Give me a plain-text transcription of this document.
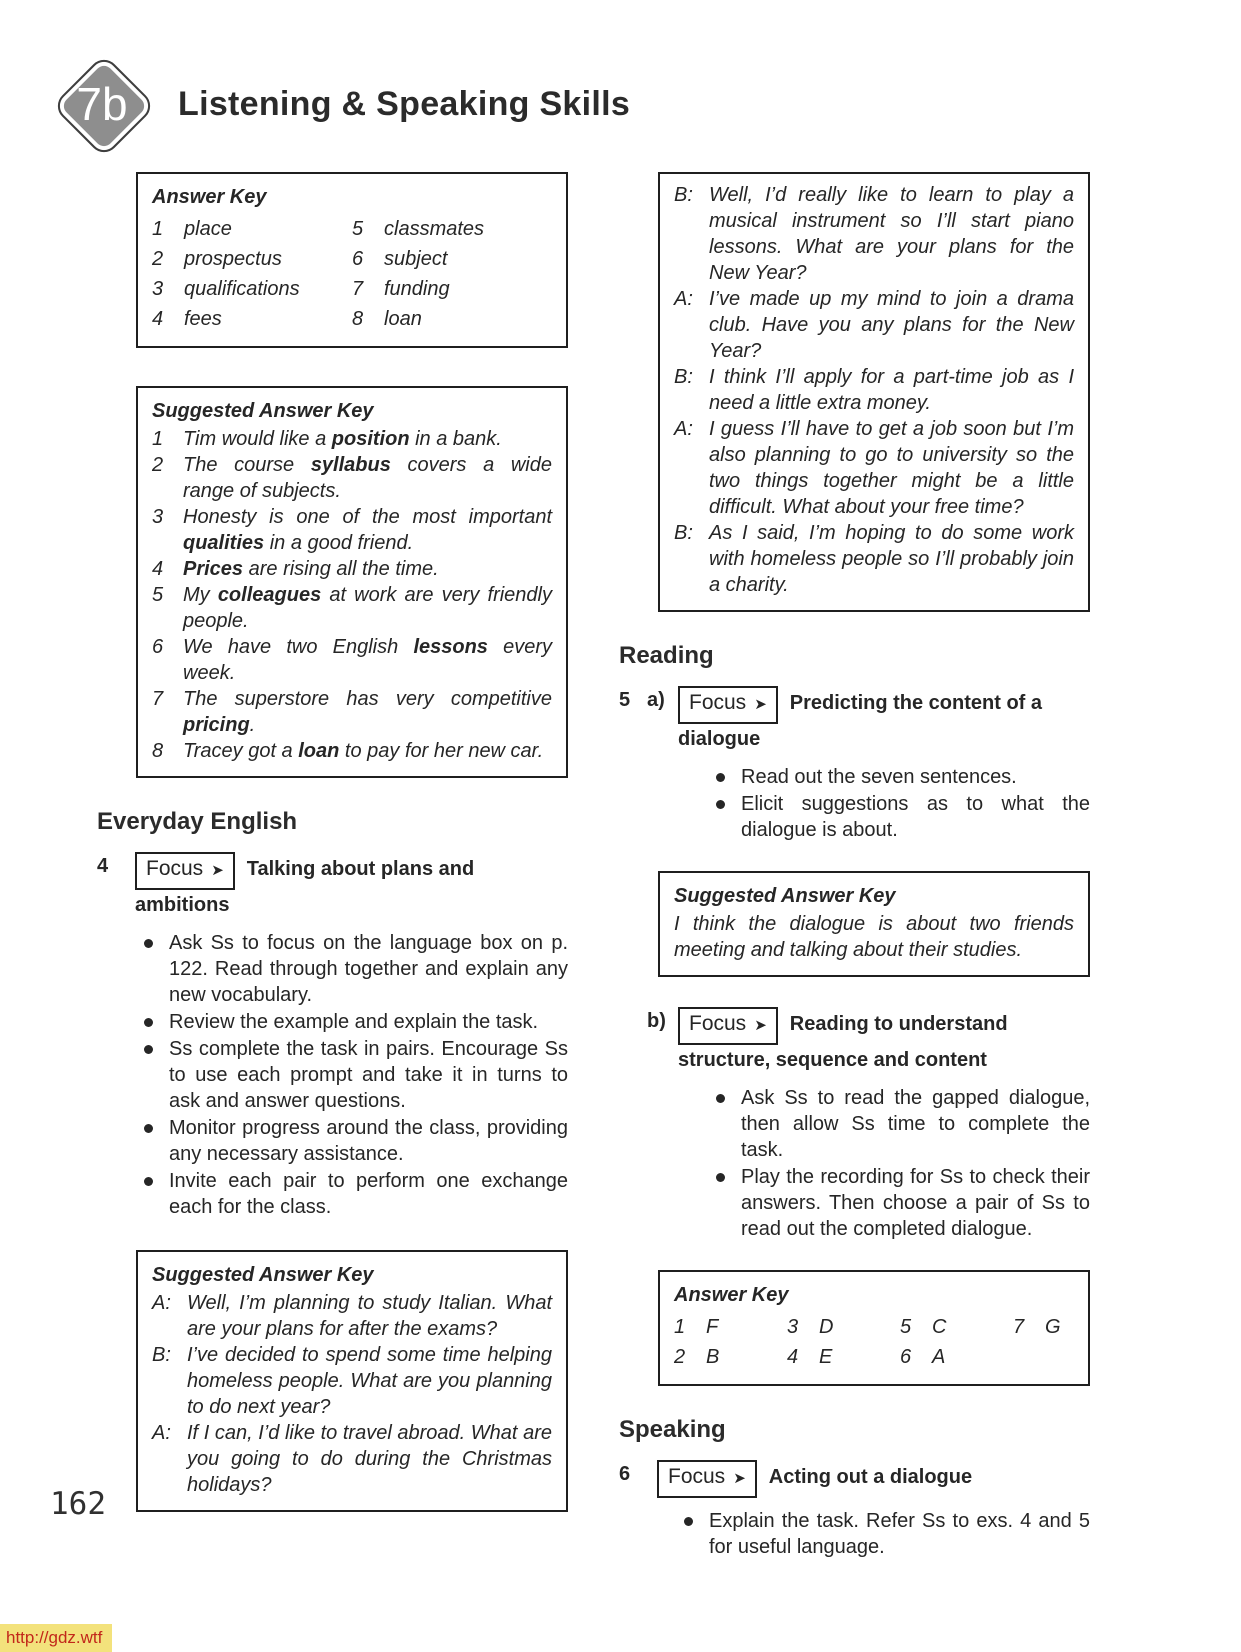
7b	Listening & Speaking Skills
Answer Key
1	place
2	prospectus
3	qualifications
4	fees
5	classmates
6	subject
7	funding
8	loan
Suggested Answer Key
1 Tim would like a position in a bank.
2 The course syllabus covers a wide range of subjects.
3 Honesty is one of the most important qualities in a good friend.
4 Prices are rising all the time.
5 My colleagues at work are very friendly people.
6 We have two English lessons every week.
7 The superstore has very competitive pricing.
8 Tracey got a loan to pay for her new car.
Everyday English
4	Focus ➤ Talking about plans and ambitions
Ask Ss to focus on the language box on p. 122. Read through together and explain any new vocabulary.
Review the example and explain the task.
Ss complete the task in pairs. Encourage Ss to use each prompt and take it in turns to ask and answer questions.
Monitor progress around the class, providing any necessary assistance.
Invite each pair to perform one exchange each for the class.
Suggested Answer Key
A: Well, I’m planning to study Italian. What are your plans for after the exams?
B: I’ve decided to spend some time helping homeless people. What are you planning to do next year?
A: If I can, I’d like to travel abroad. What are you going to do during the Christmas holidays?
B: Well, I’d really like to learn to play a musical instrument so I’ll start piano lessons. What are your plans for the New Year?
A: I’ve made up my mind to join a drama club. Have you any plans for the New Year?
B: I think I’ll apply for a part-time job as I need a little extra money.
A: I guess I’ll have to get a job soon but I’m also planning to go to university so the two things together might be a little difficult. What about your free time?
B: As I said, I’m hoping to do some work with homeless people so I’ll probably join a charity.
Reading
5 a)	Focus ➤ Predicting the content of a dialogue
Read out the seven sentences.
Elicit suggestions as to what the dialogue is about.
Suggested Answer Key
I think the dialogue is about two friends meeting and talking about their studies.
b)	Focus ➤ Reading to understand structure, sequence and content
Ask Ss to read the gapped dialogue, then allow Ss time to complete the task.
Play the recording for Ss to check their answers. Then choose a pair of Ss to read out the completed dialogue.
Answer Key
1	F
2	B
3	D
4	E
5	C
6	A
7	G
Speaking
6	Focus ➤ Acting out a dialogue
Explain the task. Refer Ss to exs. 4 and 5 for useful language.
162
http://gdz.wtf
